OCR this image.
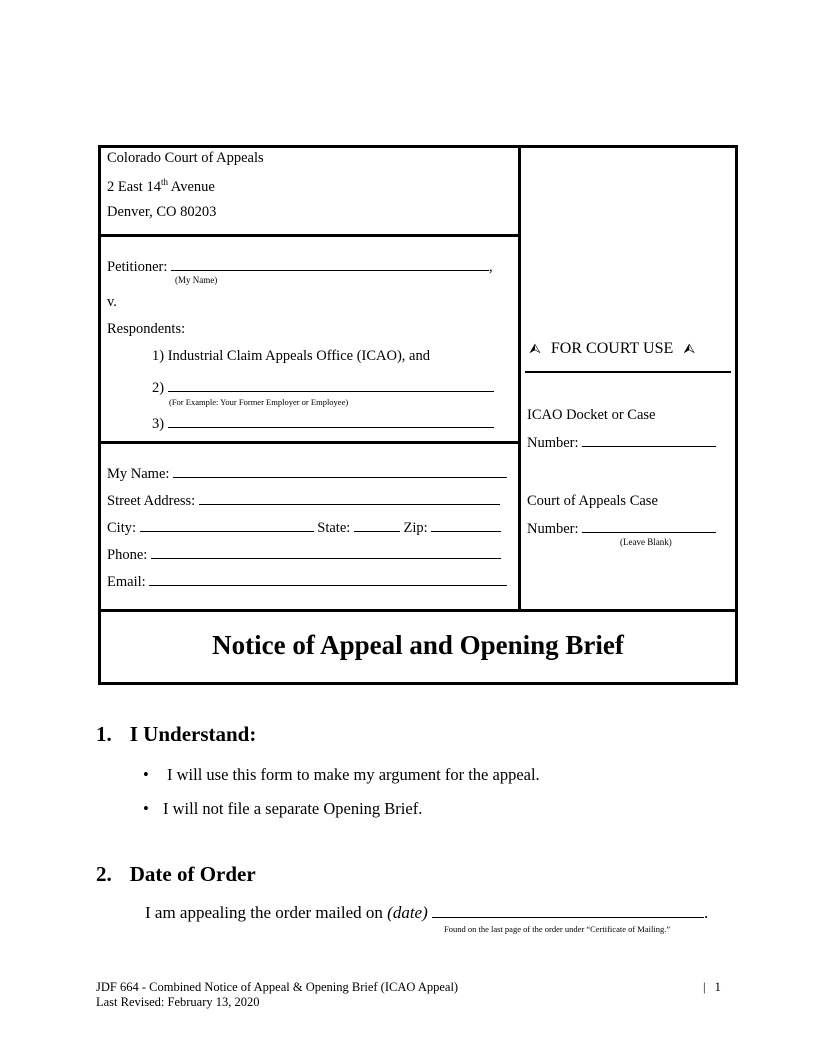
Colorado Court of Appeals
2 East 14th Avenue
Denver, CO 80203
Petitioner:	,
(My Name)
v.
Respondents:
1) Industrial Claim Appeals Office (ICAO), and
2)
(For Example: Your Former Employer or Employee)
3)
My Name:
Street Address:
City:	State:	Zip:
Phone:
Email:
⮙ FOR COURT USE ⮙
ICAO Docket or Case
Number:
Court of Appeals Case
Number:
(Leave Blank)
Notice of Appeal and Opening Brief
1. I Understand:
• I will use this form to make my argument for the appeal.
• I will not file a separate Opening Brief.
2. Date of Order
I am appealing the order mailed on (date)	.
Found on the last page of the order under “Certificate of Mailing.”
JDF 664 - Combined Notice of Appeal & Opening Brief (ICAO Appeal)
Last Revised: February 13, 2020
| 1
